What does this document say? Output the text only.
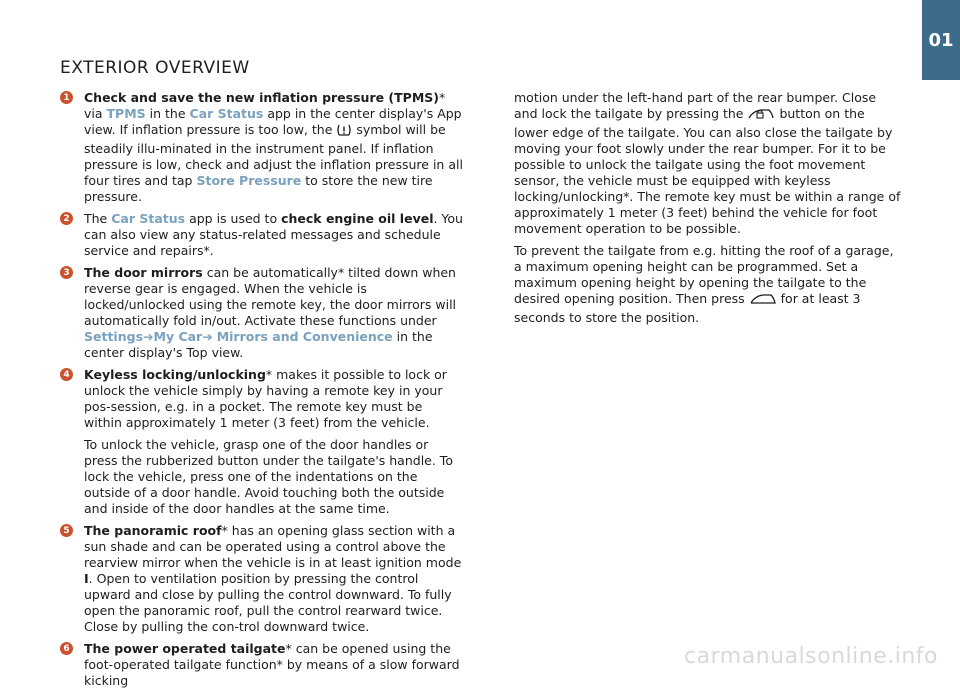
01
EXTERIOR OVERVIEW
1 Check and save the new inflation pressure (TPMS)* via TPMS in the Car Status app in the center display's App view. If inflation pressure is too low, the  symbol will be steadily illu-minated in the instrument panel. If inflation pressure is low, check and adjust the inflation pressure in all four tires and tap Store Pressure to store the new tire pressure.

2 The Car Status app is used to check engine oil level. You can also view any status-related messages and schedule service and repairs*.

3 The door mirrors can be automatically* tilted down when reverse gear is engaged. When the vehicle is locked/unlocked using the remote key, the door mirrors will automatically fold in/out. Activate these functions under Settings➔My Car➔ Mirrors and Convenience in the center display's Top view.

4 Keyless locking/unlocking* makes it possible to lock or unlock the vehicle simply by having a remote key in your pos-session, e.g. in a pocket. The remote key must be within approximately 1 meter (3 feet) from the vehicle.

To unlock the vehicle, grasp one of the door handles or press the rubberized button under the tailgate's handle. To lock the vehicle, press one of the indentations on the outside of a door handle. Avoid touching both the outside and inside of the door handles at the same time.

5 The panoramic roof* has an opening glass section with a sun shade and can be operated using a control above the rearview mirror when the vehicle is in at least ignition mode I. Open to ventilation position by pressing the control upward and close by pulling the control downward. To fully open the panoramic roof, pull the control rearward twice. Close by pulling the con-trol downward twice.

6 The power operated tailgate* can be opened using the foot-operated tailgate function* by means of a slow forward kicking

motion under the left-hand part of the rear bumper. Close and lock the tailgate by pressing the  button on the lower edge of the tailgate. You can also close the tailgate by moving your foot slowly under the rear bumper. For it to be possible to unlock the tailgate using the foot movement sensor, the vehicle must be equipped with keyless locking/unlocking*. The remote key must be within a range of approximately 1 meter (3 feet) behind the vehicle for foot movement operation to be possible.

To prevent the tailgate from e.g. hitting the roof of a garage, a maximum opening height can be programmed. Set a maximum opening height by opening the tailgate to the desired opening position. Then press  for at least 3 seconds to store the position.

carmanualsonline.info
